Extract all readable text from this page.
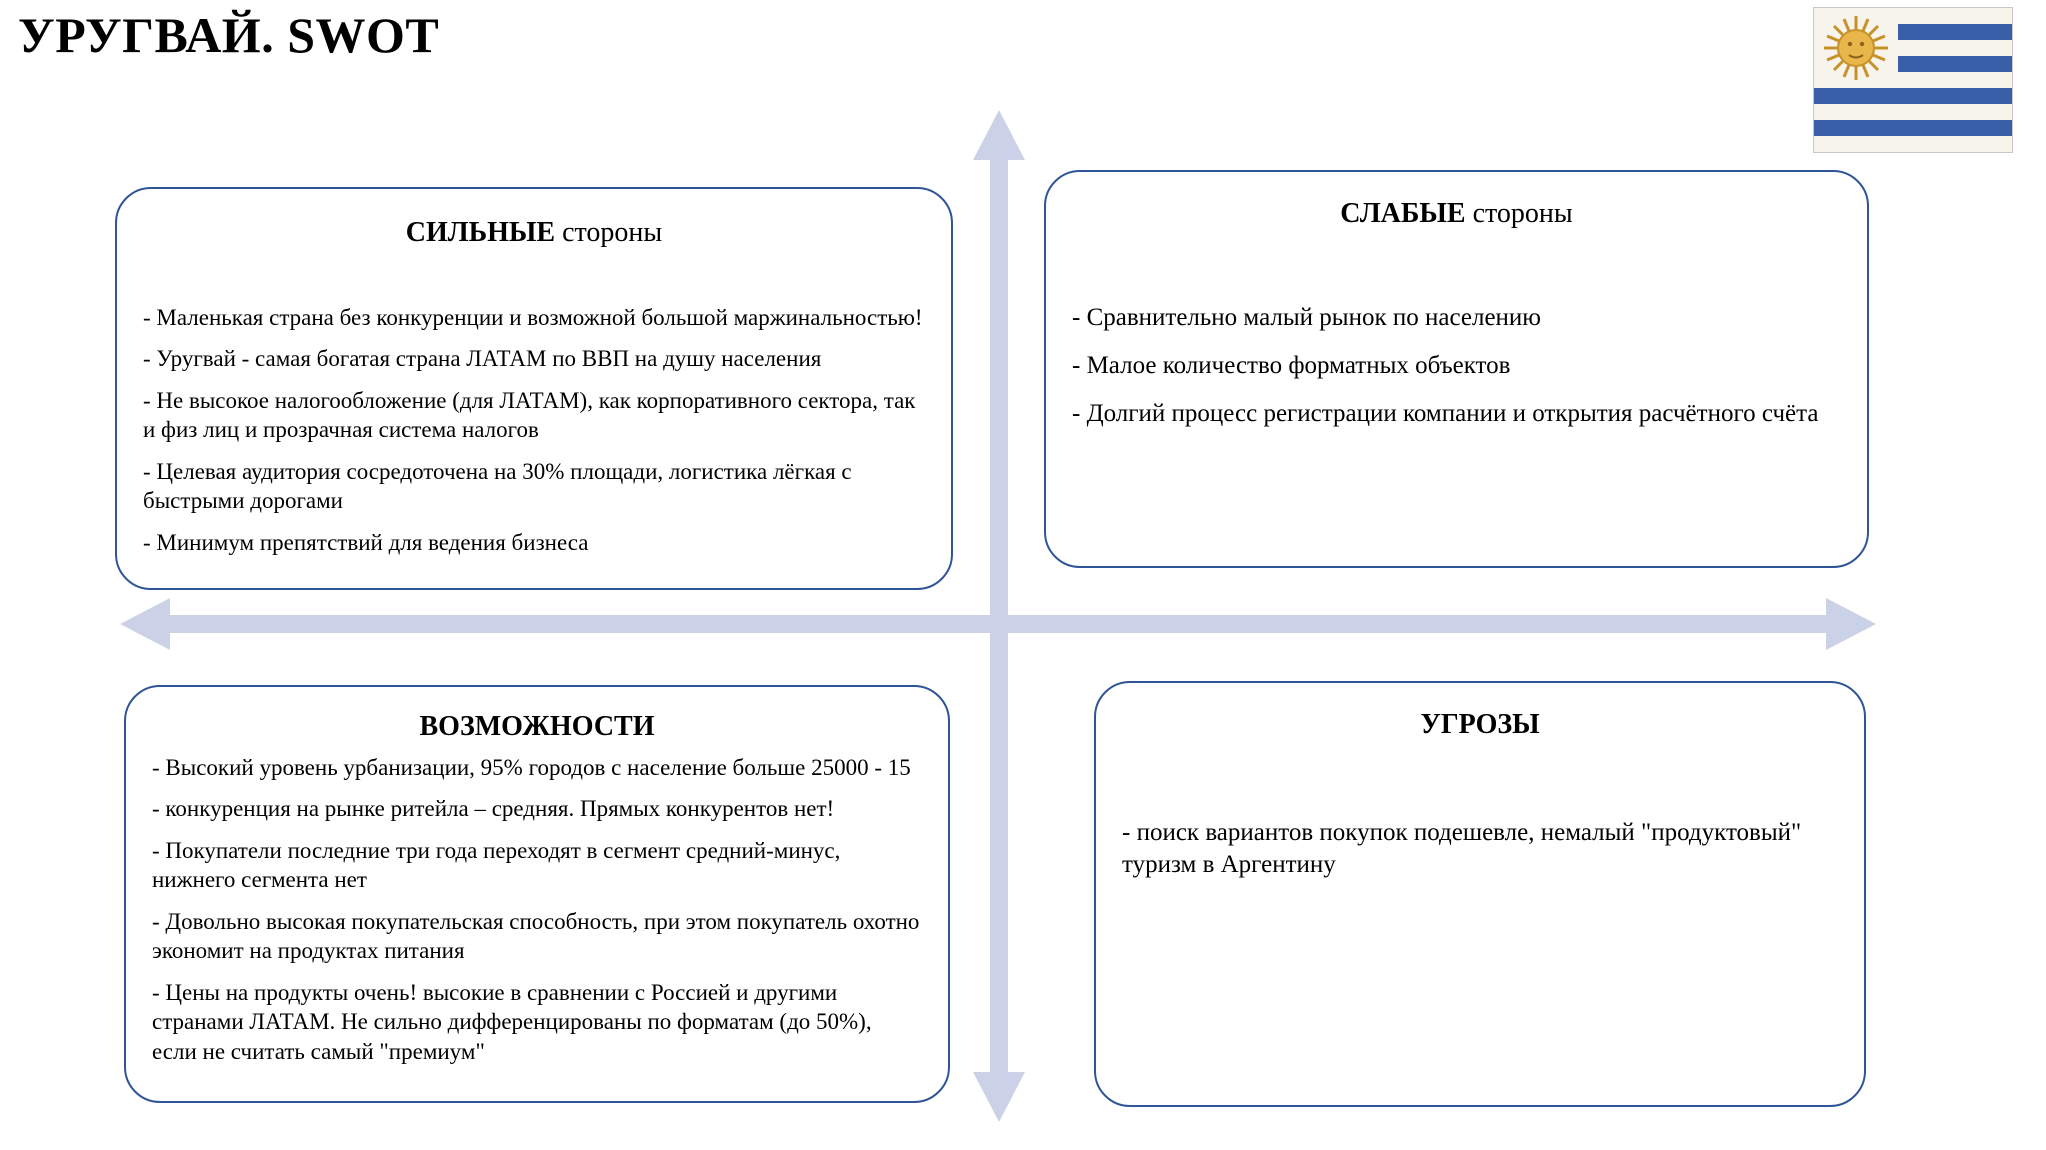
УРУГВАЙ. SWOT
СИЛЬНЫЕ стороны

- Маленькая страна без конкуренции и возможной большой маржинальностью!

- Уругвай - самая богатая страна ЛАТАМ по ВВП на душу населения

- Не высокое налогообложение (для ЛАТАМ), как корпоративного сектора, так и физ лиц и прозрачная система налогов

- Целевая аудитория сосредоточена на 30% площади, логистика лёгкая с быстрыми дорогами

- Минимум препятствий для ведения бизнеса

СЛАБЫЕ стороны

- Сравнительно малый рынок по населению

- Малое количество форматных объектов

- Долгий процесс регистрации компании и открытия расчётного счёта

ВОЗМОЖНОСТИ

- Высокий уровень урбанизации, 95% городов с население больше 25000 - 15

- конкуренция на рынке ритейла – средняя. Прямых конкурентов нет!

- Покупатели последние три года переходят в сегмент средний-минус, нижнего сегмента нет

- Довольно высокая покупательская способность, при этом покупатель охотно экономит на продуктах питания

- Цены на продукты очень! высокие в сравнении с Россией и другими странами ЛАТАМ. Не сильно дифференцированы по форматам (до 50%), если не считать самый "премиум"

УГРОЗЫ

- поиск вариантов покупок подешевле, немалый "продуктовый" туризм в Аргентину
